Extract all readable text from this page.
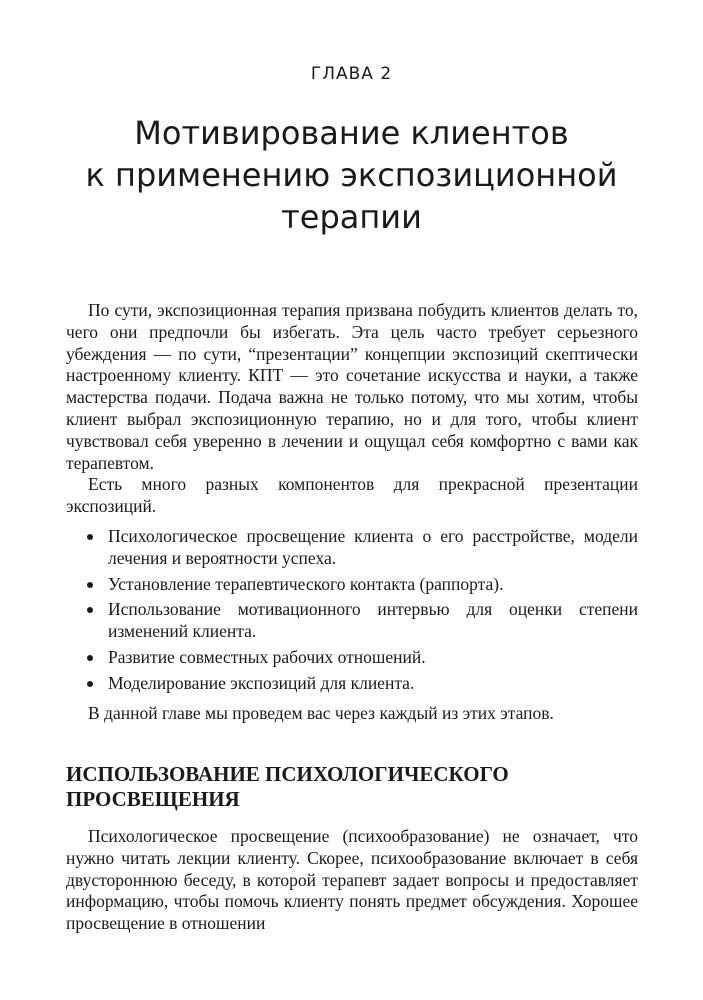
ГЛАВА 2
Мотивирование клиентов
к применению экспозиционной
терапии

По сути, экспозиционная терапия призвана побудить клиентов делать то, чего они предпочли бы избегать. Эта цель часто требует серьезного убеждения — по сути, “презентации” концепции экспозиций скептически настроенному клиенту. КПТ — это сочетание искусства и науки, а также мастерства подачи. Подача важна не только потому, что мы хотим, чтобы клиент выбрал экспозиционную терапию, но и для того, чтобы клиент чувствовал себя уверенно в лечении и ощущал себя комфортно с вами как терапевтом.

Есть много разных компонентов для прекрасной презентации экспозиций.

Психологическое просвещение клиента о его расстройстве, модели лечения и вероятности успеха.
Установление терапевтического контакта (раппорта).
Использование мотивационного интервью для оценки степени изменений клиента.
Развитие совместных рабочих отношений.
Моделирование экспозиций для клиента.

В данной главе мы проведем вас через каждый из этих этапов.

ИСПОЛЬЗОВАНИЕ ПСИХОЛОГИЧЕСКОГО
ПРОСВЕЩЕНИЯ

Психологическое просвещение (психообразование) не означает, что нужно читать лекции клиенту. Скорее, психообразование включает в себя двустороннюю беседу, в которой терапевт задает вопросы и предоставляет информацию, чтобы помочь клиенту понять предмет обсуждения. Хорошее просвещение в отношении
